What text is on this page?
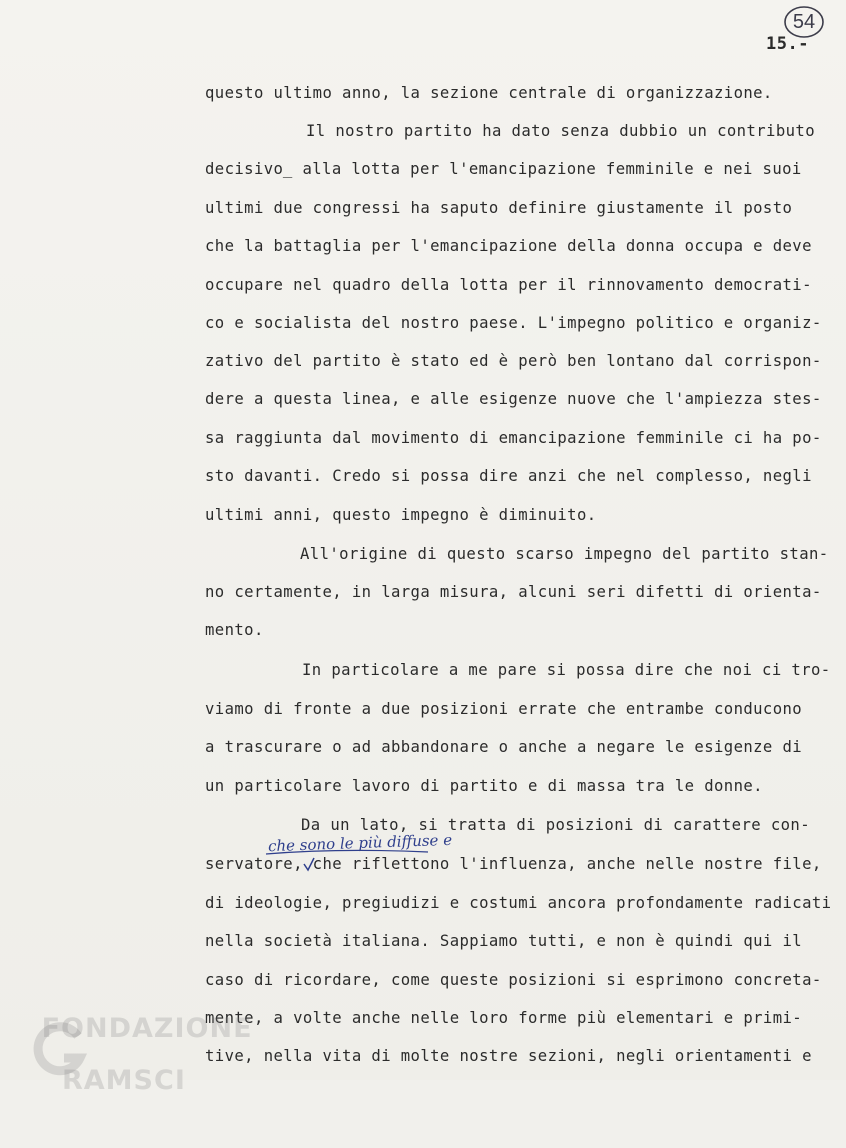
54
15.-
questo ultimo anno, la sezione centrale di organizzazione.
Il nostro partito ha dato senza dubbio un contributo
decisivo̲ alla lotta per l'emancipazione femminile e nei suoi
ultimi due congressi ha saputo definire giustamente il posto
che la battaglia per l'emancipazione della donna occupa e deve
occupare nel quadro della lotta per il rinnovamento democrati-
co e socialista del nostro paese. L'impegno politico e organiz-
zativo del partito è stato ed è però ben lontano dal corrispon-
dere a questa linea, e alle esigenze nuove che l'ampiezza stes-
sa raggiunta dal movimento di emancipazione femminile ci ha po-
sto davanti. Credo si possa dire anzi che nel complesso, negli
ultimi anni, questo impegno è diminuito.
All'origine di questo scarso impegno del partito stan-
no certamente, in larga misura, alcuni seri difetti di orienta-
mento.
In particolare a me pare si possa dire che noi ci tro-
viamo di fronte a due posizioni errate che entrambe conducono
a trascurare o ad abbandonare o anche a negare le esigenze di
un particolare lavoro di partito e di massa tra le donne.
Da un lato, si tratta di posizioni di carattere con-
che sono le più diffuse e
servatore, che riflettono l'influenza, anche nelle nostre file,
di ideologie, pregiudizi e costumi ancora profondamente radicati
nella società italiana. Sappiamo tutti, e non è quindi qui il
caso di ricordare, come queste posizioni si esprimono concreta-
mente, a volte anche nelle loro forme più elementari e primi-
tive, nella vita di molte nostre sezioni, negli orientamenti e

FONDAZIONE

RAMSCI
